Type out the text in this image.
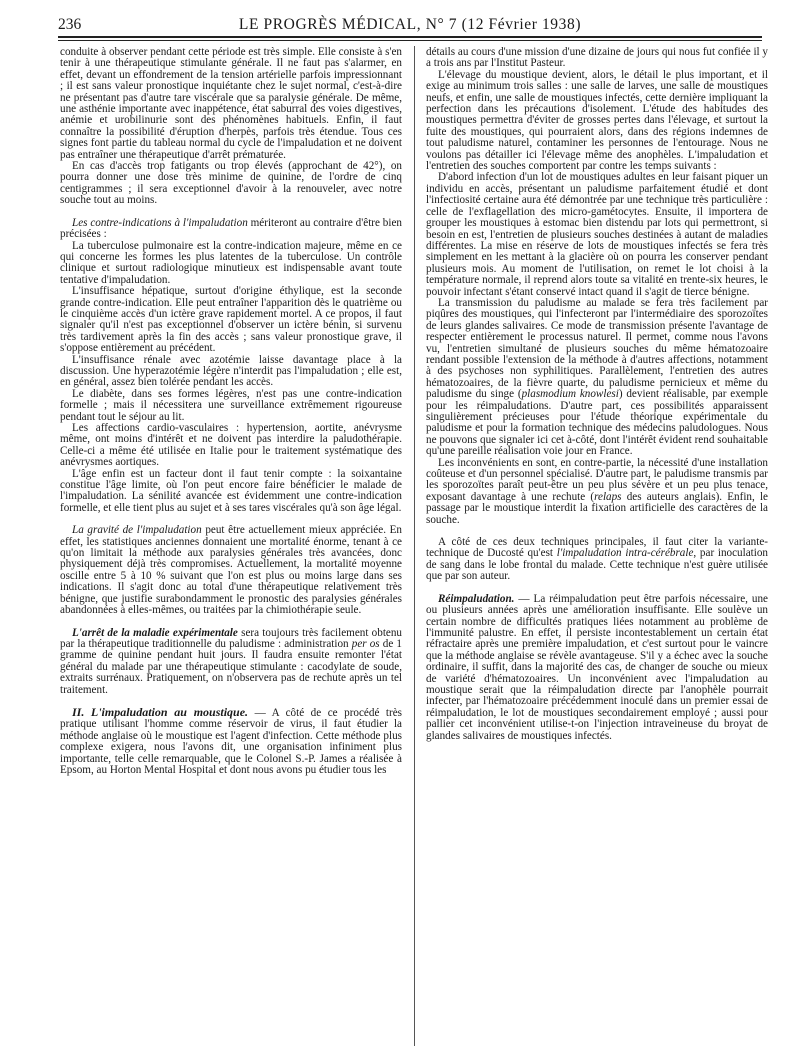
236	LE PROGRÈS MÉDICAL, N° 7 (12 Février 1938)

conduite à observer pendant cette période est très simple. Elle consiste à s'en tenir à une thérapeutique stimulante générale. Il ne faut pas s'alarmer, en effet, devant un effondrement de la tension artérielle parfois impressionnant ; il est sans valeur pronostique inquiétante chez le sujet normal, c'est-à-dire ne présentant pas d'autre tare viscérale que sa paralysie générale. De même, une asthénie importante avec inappétence, état saburral des voies digestives, anémie et urobilinurie sont des phénomènes habituels. Enfin, il faut connaître la possibilité d'éruption d'herpès, parfois très étendue. Tous ces signes font partie du tableau normal du cycle de l'impaludation et ne doivent pas entraîner une thérapeutique d'arrêt prématurée.

En cas d'accès trop fatigants ou trop élevés (approchant de 42°), on pourra donner une dose très minime de quinine, de l'ordre de cinq centigrammes ; il sera exceptionnel d'avoir à la renouveler, avec notre souche tout au moins.

Les contre-indications à l'impaludation mériteront au contraire d'être bien précisées :

La tuberculose pulmonaire est la contre-indication majeure, même en ce qui concerne les formes les plus latentes de la tuberculose. Un contrôle clinique et surtout radiologique minutieux est indispensable avant toute tentative d'impaludation.

L'insuffisance hépatique, surtout d'origine éthylique, est la seconde grande contre-indication. Elle peut entraîner l'apparition dès le quatrième ou le cinquième accès d'un ictère grave rapidement mortel. A ce propos, il faut signaler qu'il n'est pas exceptionnel d'observer un ictère bénin, si survenu très tardivement après la fin des accès ; sans valeur pronostique grave, il s'oppose entièrement au précédent.

L'insuffisance rénale avec azotémie laisse davantage place à la discussion. Une hyperazotémie légère n'interdit pas l'impaludation ; elle est, en général, assez bien tolérée pendant les accès.

Le diabète, dans ses formes légères, n'est pas une contre-indication formelle ; mais il nécessitera une surveillance extrêmement rigoureuse pendant tout le séjour au lit.

Les affections cardio-vasculaires : hypertension, aortite, anévrysme même, ont moins d'intérêt et ne doivent pas interdire la paludothérapie. Celle-ci a même été utilisée en Italie pour le traitement systématique des anévrysmes aortiques.

L'âge enfin est un facteur dont il faut tenir compte : la soixantaine constitue l'âge limite, où l'on peut encore faire bénéficier le malade de l'impaludation. La sénilité avancée est évidemment une contre-indication formelle, et elle tient plus au sujet et à ses tares viscérales qu'à son âge légal.

La gravité de l'impaludation peut être actuellement mieux appréciée. En effet, les statistiques anciennes donnaient une mortalité énorme, tenant à ce qu'on limitait la méthode aux paralysies générales très avancées, donc physiquement déjà très compromises. Actuellement, la mortalité moyenne oscille entre 5 à 10 % suivant que l'on est plus ou moins large dans ses indications. Il s'agit donc au total d'une thérapeutique relativement très bénigne, que justifie surabondamment le pronostic des paralysies générales abandonnées à elles-mêmes, ou traitées par la chimiothérapie seule.

L'arrêt de la maladie expérimentale sera toujours très facilement obtenu par la thérapeutique traditionnelle du paludisme : administration per os de 1 gramme de quinine pendant huit jours. Il faudra ensuite remonter l'état général du malade par une thérapeutique stimulante : cacodylate de soude, extraits surrénaux. Pratiquement, on n'observera pas de rechute après un tel traitement.

II. L'impaludation au moustique. — A côté de ce procédé très pratique utilisant l'homme comme réservoir de virus, il faut étudier la méthode anglaise où le moustique est l'agent d'infection. Cette méthode plus complexe exigera, nous l'avons dit, une organisation infiniment plus importante, telle celle remarquable, que le Colonel S.-P. James a réalisée à Epsom, au Horton Mental Hospital et dont nous avons pu étudier tous les

détails au cours d'une mission d'une dizaine de jours qui nous fut confiée il y a trois ans par l'Institut Pasteur.

L'élevage du moustique devient, alors, le détail le plus important, et il exige au minimum trois salles : une salle de larves, une salle de moustiques neufs, et enfin, une salle de moustiques infectés, cette dernière impliquant la perfection dans les précautions d'isolement. L'étude des habitudes des moustiques permettra d'éviter de grosses pertes dans l'élevage, et surtout la fuite des moustiques, qui pourraient alors, dans des régions indemnes de tout paludisme naturel, contaminer les personnes de l'entourage. Nous ne voulons pas détailler ici l'élevage même des anophèles. L'impaludation et l'entretien des souches comportent par contre les temps suivants :

D'abord infection d'un lot de moustiques adultes en leur faisant piquer un individu en accès, présentant un paludisme parfaitement étudié et dont l'infectiosité certaine aura été démontrée par une technique très particulière : celle de l'exflagellation des micro-gamétocytes. Ensuite, il importera de grouper les moustiques à estomac bien distendu par lots qui permettront, si besoin en est, l'entretien de plusieurs souches destinées à autant de maladies différentes. La mise en réserve de lots de moustiques infectés se fera très simplement en les mettant à la glacière où on pourra les conserver pendant plusieurs mois. Au moment de l'utilisation, on remet le lot choisi à la température normale, il reprend alors toute sa vitalité en trente-six heures, le pouvoir infectant s'étant conservé intact quand il s'agit de tierce bénigne.

La transmission du paludisme au malade se fera très facilement par piqûres des moustiques, qui l'infecteront par l'intermédiaire des sporozoïtes de leurs glandes salivaires. Ce mode de transmission présente l'avantage de respecter entièrement le processus naturel. Il permet, comme nous l'avons vu, l'entretien simultané de plusieurs souches du même hématozoaire rendant possible l'extension de la méthode à d'autres affections, notamment à des psychoses non syphilitiques. Parallèlement, l'entretien des autres hématozoaires, de la fièvre quarte, du paludisme pernicieux et même du paludisme du singe (plasmodium knowlesi) devient réalisable, par exemple pour les réimpaludations. D'autre part, ces possibilités apparaissent singulièrement précieuses pour l'étude théorique expérimentale du paludisme et pour la formation technique des médecins paludologues. Nous ne pouvons que signaler ici cet à-côté, dont l'intérêt évident rend souhaitable qu'une pareille réalisation voie jour en France.

Les inconvénients en sont, en contre-partie, la nécessité d'une installation coûteuse et d'un personnel spécialisé. D'autre part, le paludisme transmis par les sporozoïtes paraît peut-être un peu plus sévère et un peu plus tenace, exposant davantage à une rechute (relaps des auteurs anglais). Enfin, le passage par le moustique interdit la fixation artificielle des caractères de la souche.

A côté de ces deux techniques principales, il faut citer la variante-technique de Ducosté qu'est l'impaludation intra-cérébrale, par inoculation de sang dans le lobe frontal du malade. Cette technique n'est guère utilisée que par son auteur.

Réimpaludation. — La réimpaludation peut être parfois nécessaire, une ou plusieurs années après une amélioration insuffisante. Elle soulève un certain nombre de difficultés pratiques liées notamment au problème de l'immunité palustre. En effet, il persiste incontestablement un certain état réfractaire après une première impaludation, et c'est surtout pour le vaincre que la méthode anglaise se révèle avantageuse. S'il y a échec avec la souche ordinaire, il suffit, dans la majorité des cas, de changer de souche ou mieux de variété d'hématozoaires. Un inconvénient avec l'impaludation au moustique serait que la réimpaludation directe par l'anophèle pourrait infecter, par l'hématozoaire précédemment inoculé dans un premier essai de réimpaludation, le lot de moustiques secondairement employé ; aussi pour pallier cet inconvénient utilise-t-on l'injection intraveineuse du broyat de glandes salivaires de moustiques infectés.
